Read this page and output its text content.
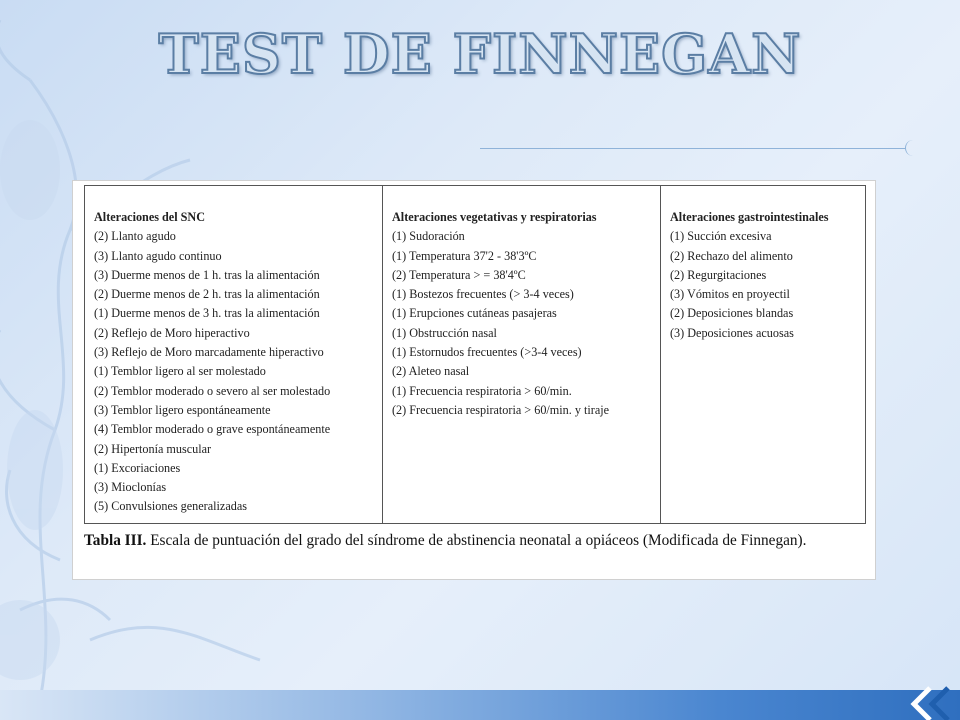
TEST DE FINNEGAN
Alteraciones del SNC
(2) Llanto agudo
(3) Llanto agudo continuo
(3) Duerme menos de 1 h. tras la alimentación
(2) Duerme menos de 2 h. tras la alimentación
(1) Duerme menos de 3 h. tras la alimentación
(2) Reflejo de Moro hiperactivo
(3) Reflejo de Moro marcadamente hiperactivo
(1) Temblor ligero al ser molestado
(2) Temblor moderado o severo al ser molestado
(3) Temblor ligero espontáneamente
(4) Temblor moderado o grave espontáneamente
(2) Hipertonía muscular
(1) Excoriaciones
(3) Mioclonías
(5) Convulsiones generalizadas
Alteraciones vegetativas y respiratorias
(1) Sudoración
(1) Temperatura 37'2 - 38'3ºC
(2) Temperatura > = 38'4ºC
(1) Bostezos frecuentes (> 3-4 veces)
(1) Erupciones cutáneas pasajeras
(1) Obstrucción nasal
(1) Estornudos frecuentes (>3-4 veces)
(2) Aleteo nasal
(1) Frecuencia respiratoria > 60/min.
(2) Frecuencia respiratoria > 60/min. y tiraje
Alteraciones gastrointestinales
(1) Succión excesiva
(2) Rechazo del alimento
(2) Regurgitaciones
(3) Vómitos en proyectil
(2) Deposiciones blandas
(3) Deposiciones acuosas
Tabla III. Escala de puntuación del grado del síndrome de abstinencia neonatal a opiáceos (Modificada de Finnegan).
